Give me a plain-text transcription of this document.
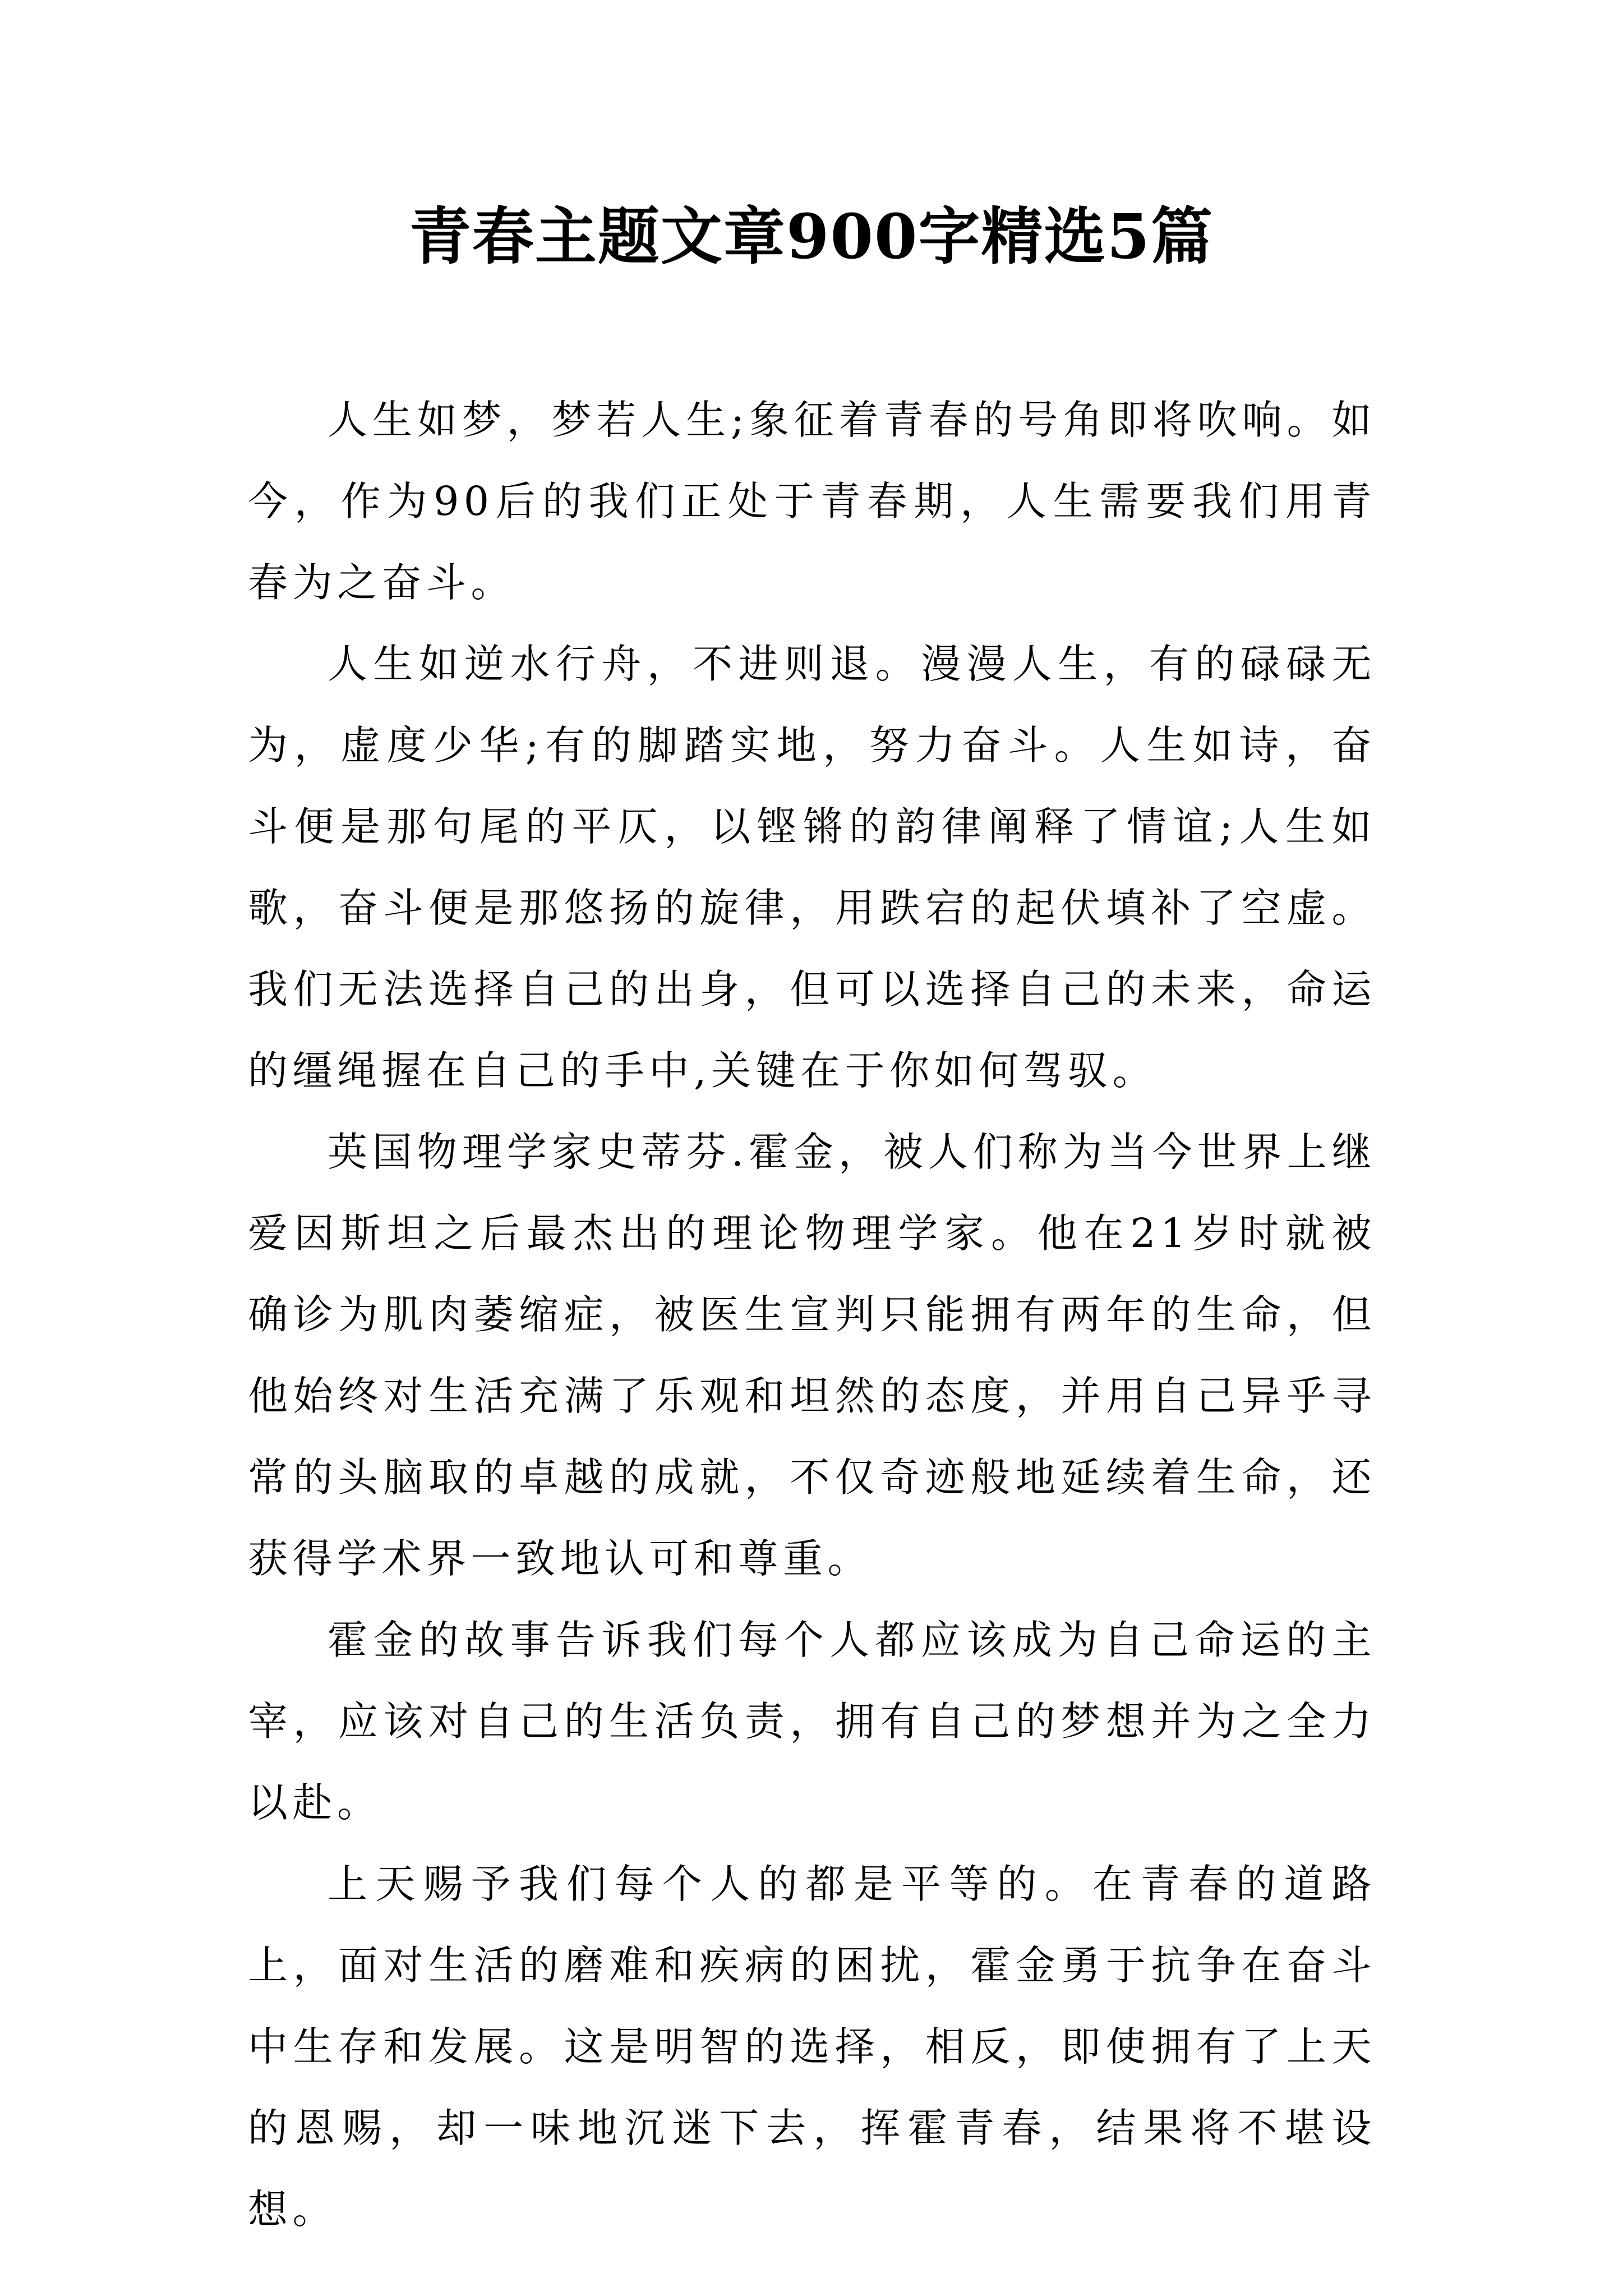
青春主题文章900字精选5篇

人生如梦，梦若人生;象征着青春的号角即将吹响。如今，作为90后的我们正处于青春期，人生需要我们用青春为之奋斗。

人生如逆水行舟，不进则退。漫漫人生，有的碌碌无为，虚度少华;有的脚踏实地，努力奋斗。人生如诗，奋斗便是那句尾的平仄，以铿锵的韵律阐释了情谊;人生如歌，奋斗便是那悠扬的旋律，用跌宕的起伏填补了空虚。我们无法选择自己的出身，但可以选择自己的未来，命运的缰绳握在自己的手中,关键在于你如何驾驭。

英国物理学家史蒂芬.霍金，被人们称为当今世界上继爱因斯坦之后最杰出的理论物理学家。他在21岁时就被确诊为肌肉萎缩症，被医生宣判只能拥有两年的生命，但他始终对生活充满了乐观和坦然的态度，并用自己异乎寻常的头脑取的卓越的成就，不仅奇迹般地延续着生命，还获得学术界一致地认可和尊重。

霍金的故事告诉我们每个人都应该成为自己命运的主宰，应该对自己的生活负责，拥有自己的梦想并为之全力以赴。

上天赐予我们每个人的都是平等的。在青春的道路上，面对生活的磨难和疾病的困扰，霍金勇于抗争在奋斗中生存和发展。这是明智的选择，相反，即使拥有了上天的恩赐，却一味地沉迷下去，挥霍青春，结果将不堪设想。
